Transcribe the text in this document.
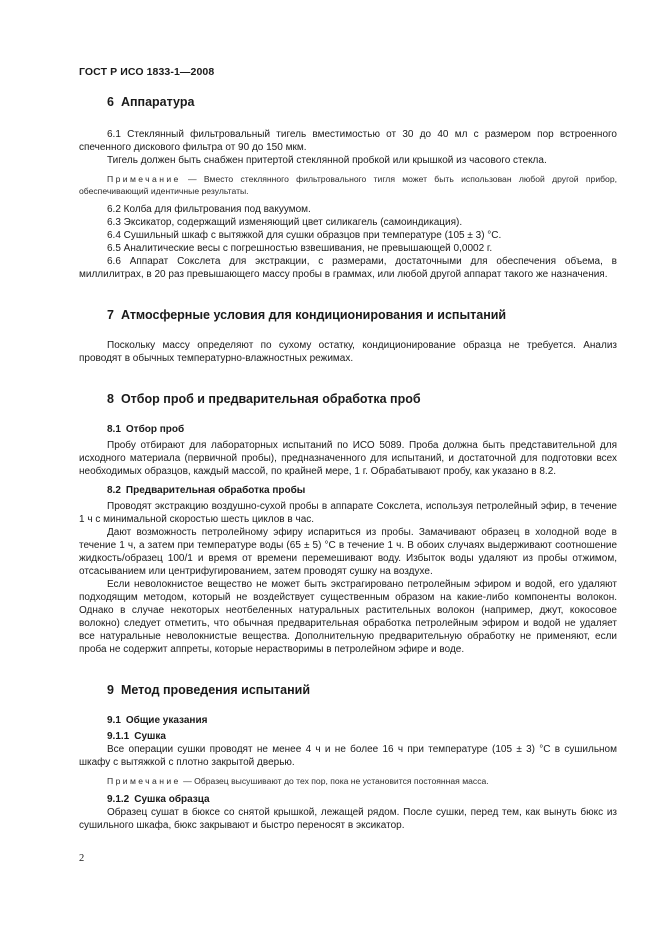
ГОСТ Р ИСО 1833-1—2008
6 Аппаратура

6.1 Стеклянный фильтровальный тигель вместимостью от 30 до 40 мл с размером пор встроенного спеченного дискового фильтра от 90 до 150 мкм.

Тигель должен быть снабжен притертой стеклянной пробкой или крышкой из часового стекла.

Примечание — Вместо стеклянного фильтровального тигля может быть использован любой другой прибор, обеспечивающий идентичные результаты.

6.2 Колба для фильтрования под вакуумом.

6.3 Эксикатор, содержащий изменяющий цвет силикагель (самоиндикация).

6.4 Сушильный шкаф с вытяжкой для сушки образцов при температуре (105 ± 3) °С.

6.5 Аналитические весы с погрешностью взвешивания, не превышающей 0,0002 г.

6.6 Аппарат Сокслета для экстракции, с размерами, достаточными для обеспечения объема, в миллилитрах, в 20 раз превышающего массу пробы в граммах, или любой другой аппарат такого же назначения.

7 Атмосферные условия для кондиционирования и испытаний

Поскольку массу определяют по сухому остатку, кондиционирование образца не требуется. Анализ проводят в обычных температурно-влажностных режимах.

8 Отбор проб и предварительная обработка проб
8.1 Отбор проб

Пробу отбирают для лабораторных испытаний по ИСО 5089. Проба должна быть представительной для исходного материала (первичной пробы), предназначенного для испытаний, и достаточной для подготовки всех необходимых образцов, каждый массой, по крайней мере, 1 г. Обрабатывают пробу, как указано в 8.2.

8.2 Предварительная обработка пробы

Проводят экстракцию воздушно-сухой пробы в аппарате Сокслета, используя петролейный эфир, в течение 1 ч с минимальной скоростью шесть циклов в час.

Дают возможность петролейному эфиру испариться из пробы. Замачивают образец в холодной воде в течение 1 ч, а затем при температуре воды (65 ± 5) °С в течение 1 ч. В обоих случаях выдерживают соотношение жидкость/образец 100/1 и время от времени перемешивают воду. Избыток воды удаляют из пробы отжимом, отсасыванием или центрифугированием, затем проводят сушку на воздухе.

Если неволокнистое вещество не может быть экстрагировано петролейным эфиром и водой, его удаляют подходящим методом, который не воздействует существенным образом на какие-либо компоненты волокон. Однако в случае некоторых неотбеленных натуральных растительных волокон (например, джут, кокосовое волокно) следует отметить, что обычная предварительная обработка петролейным эфиром и водой не удаляет все натуральные неволокнистые вещества. Дополнительную предварительную обработку не применяют, если проба не содержит аппреты, которые нерастворимы в петролейном эфире и воде.

9 Метод проведения испытаний
9.1 Общие указания
9.1.1 Сушка

Все операции сушки проводят не менее 4 ч и не более 16 ч при температуре (105 ± 3) °С в сушильном шкафу с вытяжкой с плотно закрытой дверью.

Примечание — Образец высушивают до тех пор, пока не установится постоянная масса.

9.1.2 Сушка образца

Образец сушат в бюксе со снятой крышкой, лежащей рядом. После сушки, перед тем, как вынуть бюкс из сушильного шкафа, бюкс закрывают и быстро переносят в эксикатор.

2
